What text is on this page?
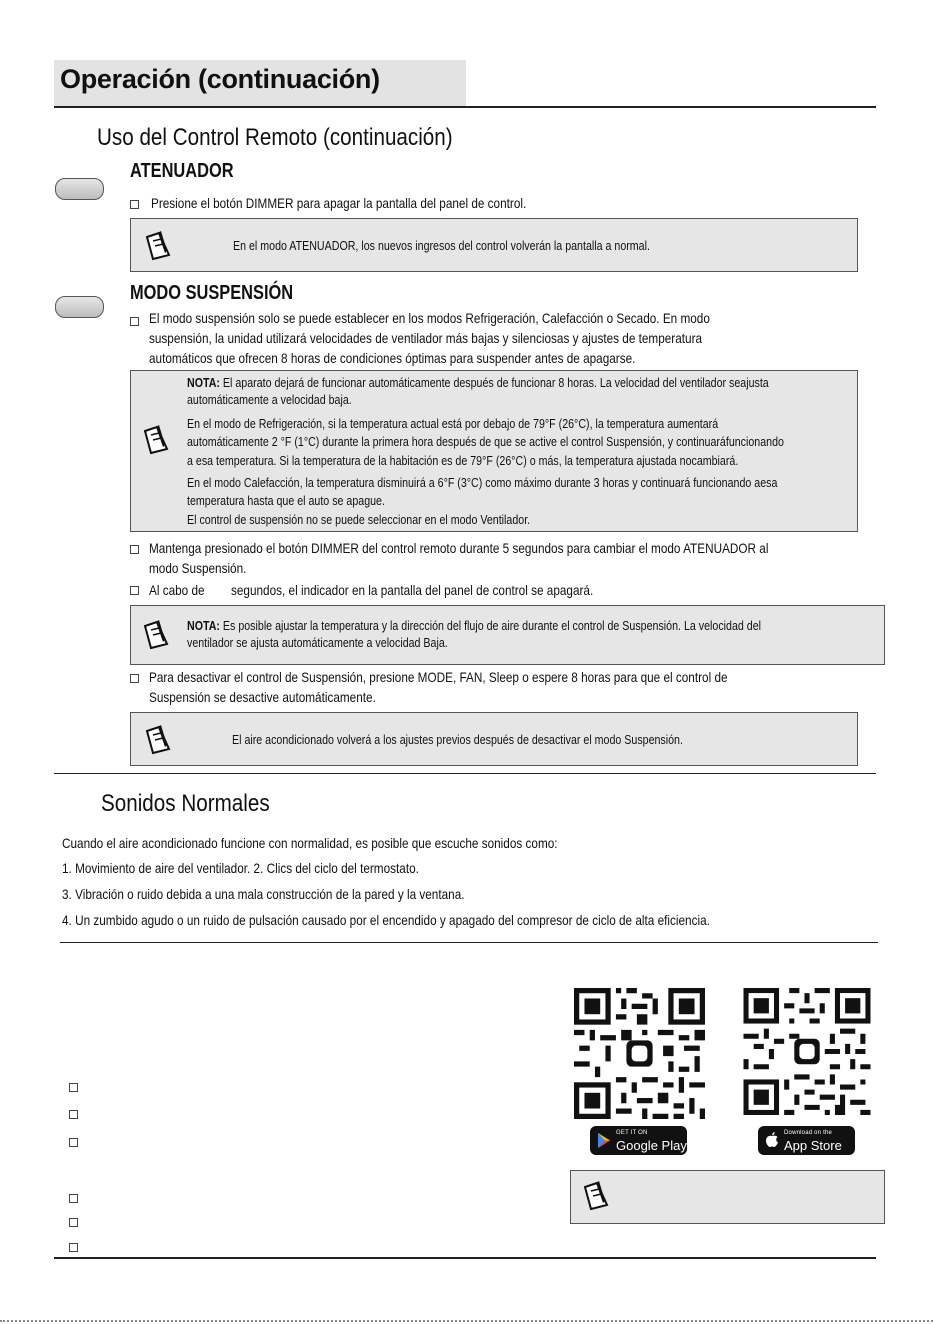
Operación (continuación)
Uso del Control Remoto (continuación)
ATENUADOR
Presione el botón DIMMER para apagar la pantalla del panel de control.
En el modo ATENUADOR, los nuevos ingresos del control volverán la pantalla a normal.
MODO SUSPENSIÓN
El modo suspensión solo se puede establecer en los modos Refrigeración, Calefacción o Secado. En modo
suspensión, la unidad utilizará velocidades de ventilador más bajas y silenciosas y ajustes de temperatura
automáticos que ofrecen 8 horas de condiciones óptimas para suspender antes de apagarse.
NOTA: El aparato dejará de funcionar automáticamente después de funcionar 8 horas. La velocidad del ventilador seajusta
automáticamente a velocidad baja.
En el modo de Refrigeración, si la temperatura actual está por debajo de 79°F (26°C), la temperatura aumentará
automáticamente 2 °F (1°C) durante la primera hora después de que se active el control Suspensión, y continuaráfuncionando
a esa temperatura. Si la temperatura de la habitación es de 79°F (26°C) o más, la temperatura ajustada nocambiará.
En el modo Calefacción, la temperatura disminuirá a 6°F (3°C) como máximo durante 3 horas y continuará funcionando aesa
temperatura hasta que el auto se apague.
El control de suspensión no se puede seleccionar en el modo Ventilador.
Mantenga presionado el botón DIMMER del control remoto durante 5 segundos para cambiar el modo ATENUADOR al
modo Suspensión.
Al cabo de segundos, el indicador en la pantalla del panel de control se apagará.
NOTA: Es posible ajustar la temperatura y la dirección del flujo de aire durante el control de Suspensión. La velocidad del
ventilador se ajusta automáticamente a velocidad Baja.
Para desactivar el control de Suspensión, presione MODE, FAN, Sleep o espere 8 horas para que el control de
Suspensión se desactive automáticamente.
El aire acondicionado volverá a los ajustes previos después de desactivar el modo Suspensión.
Sonidos Normales
Cuando el aire acondicionado funcione con normalidad, es posible que escuche sonidos como:
1. Movimiento de aire del ventilador. 2. Clics del ciclo del termostato.
3. Vibración o ruido debida a una mala construcción de la pared y la ventana.
4. Un zumbido agudo o un ruido de pulsación causado por el encendido y apagado del compresor de ciclo de alta eficiencia.
GET IT ON
Google Play
Download on the
App Store
